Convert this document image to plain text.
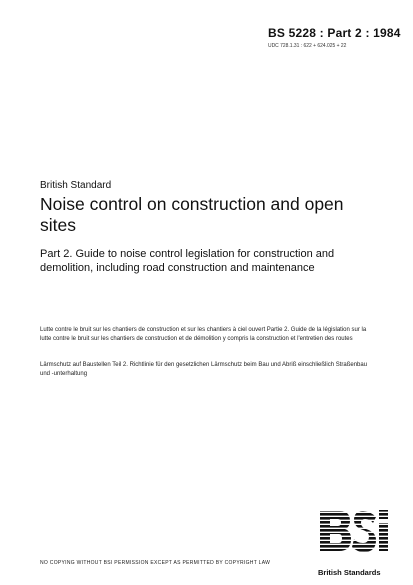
BS 5228 : Part 2 : 1984
UDC 728.1.31 : 622 + 624.025 + 22
British Standard
Noise control on construction and open sites
Part 2. Guide to noise control legislation for construction and demolition, including road construction and maintenance
Lutte contre le bruit sur les chantiers de construction et sur les chantiers à ciel ouvert Partie 2. Guide de la législation sur la lutte contre le bruit sur les chantiers de construction et de démolition y compris la construction et l'entretien des routes
Lärmschutz auf Baustellen Teil 2. Richtlinie für den gesetzlichen Lärmschutz beim Bau und Abriß einschließlich Straßenbau und -unterhaltung
NO COPYING WITHOUT BSI PERMISSION EXCEPT AS PERMITTED BY COPYRIGHT LAW
British Standards
